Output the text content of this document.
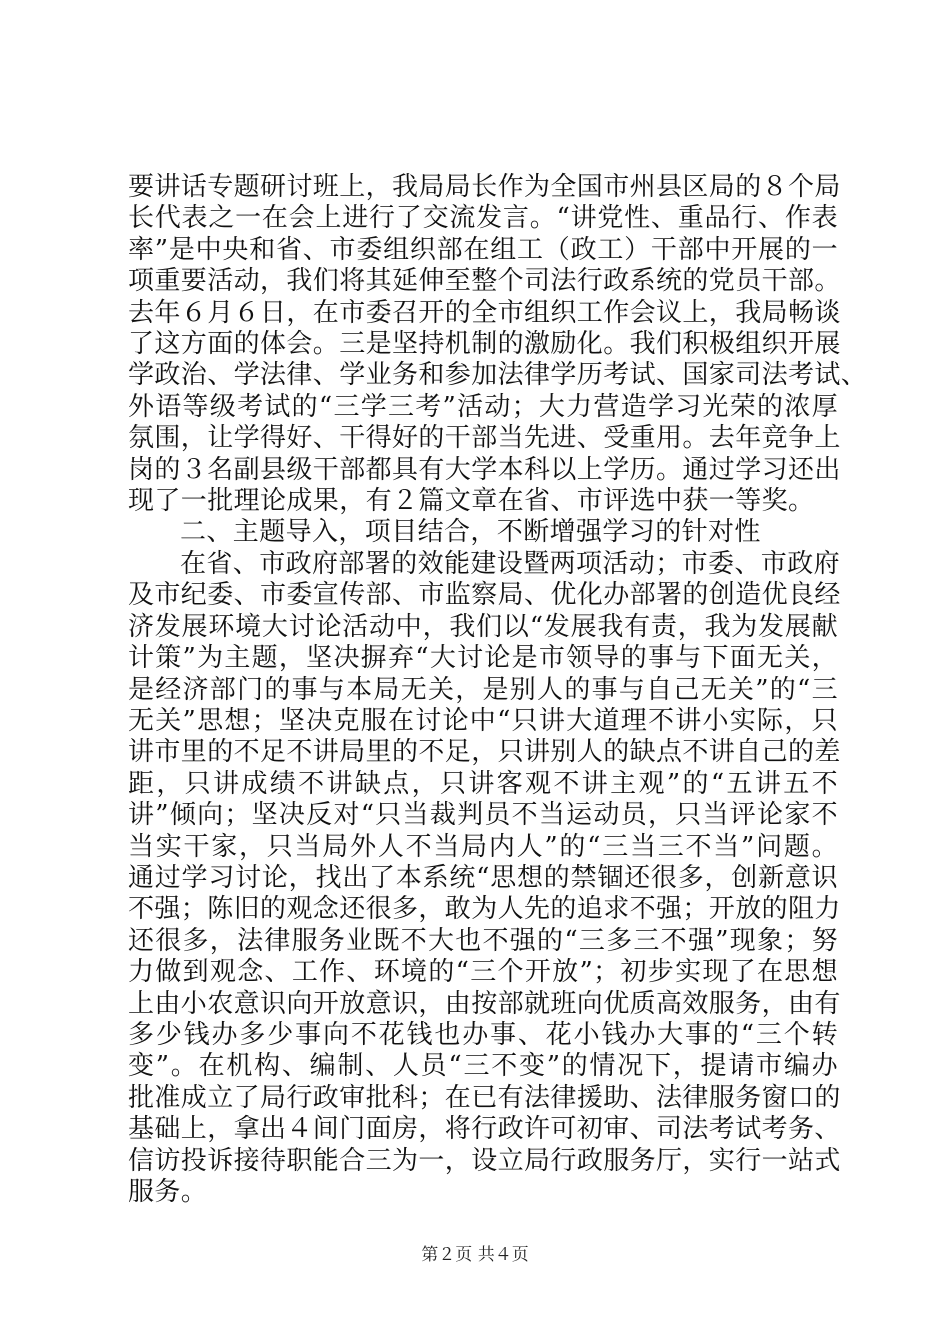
要讲话专题研讨班上，我局局长作为全国市州县区局的８个局
长代表之一在会上进行了交流发言。“讲党性、重品行、作表
率”是中央和省、市委组织部在组工（政工）干部中开展的一
项重要活动，我们将其延伸至整个司法行政系统的党员干部。
去年６月６日，在市委召开的全市组织工作会议上，我局畅谈
了这方面的体会。三是坚持机制的激励化。我们积极组织开展
学政治、学法律、学业务和参加法律学历考试、国家司法考试、
外语等级考试的“三学三考”活动；大力营造学习光荣的浓厚
氛围，让学得好、干得好的干部当先进、受重用。去年竞争上
岗的３名副县级干部都具有大学本科以上学历。通过学习还出
现了一批理论成果，有２篇文章在省、市评选中获一等奖。
二、主题导入，项目结合，不断增强学习的针对性
在省、市政府部署的效能建设暨两项活动；市委、市政府
及市纪委、市委宣传部、市监察局、优化办部署的创造优良经
济发展环境大讨论活动中，我们以“发展我有责，我为发展献
计策”为主题，坚决摒弃“大讨论是市领导的事与下面无关，
是经济部门的事与本局无关，是别人的事与自己无关”的“三
无关”思想；坚决克服在讨论中“只讲大道理不讲小实际，只
讲市里的不足不讲局里的不足，只讲别人的缺点不讲自己的差
距，只讲成绩不讲缺点，只讲客观不讲主观”的“五讲五不
讲”倾向；坚决反对“只当裁判员不当运动员，只当评论家不
当实干家，只当局外人不当局内人”的“三当三不当”问题。
通过学习讨论，找出了本系统“思想的禁锢还很多，创新意识
不强；陈旧的观念还很多，敢为人先的追求不强；开放的阻力
还很多，法律服务业既不大也不强的“三多三不强”现象；努
力做到观念、工作、环境的“三个开放”；初步实现了在思想
上由小农意识向开放意识，由按部就班向优质高效服务，由有
多少钱办多少事向不花钱也办事、花小钱办大事的“三个转
变”。在机构、编制、人员“三不变”的情况下，提请市编办
批准成立了局行政审批科；在已有法律援助、法律服务窗口的
基础上，拿出４间门面房，将行政许可初审、司法考试考务、
信访投诉接待职能合三为一，设立局行政服务厅，实行一站式
服务。
第２页 共４页
